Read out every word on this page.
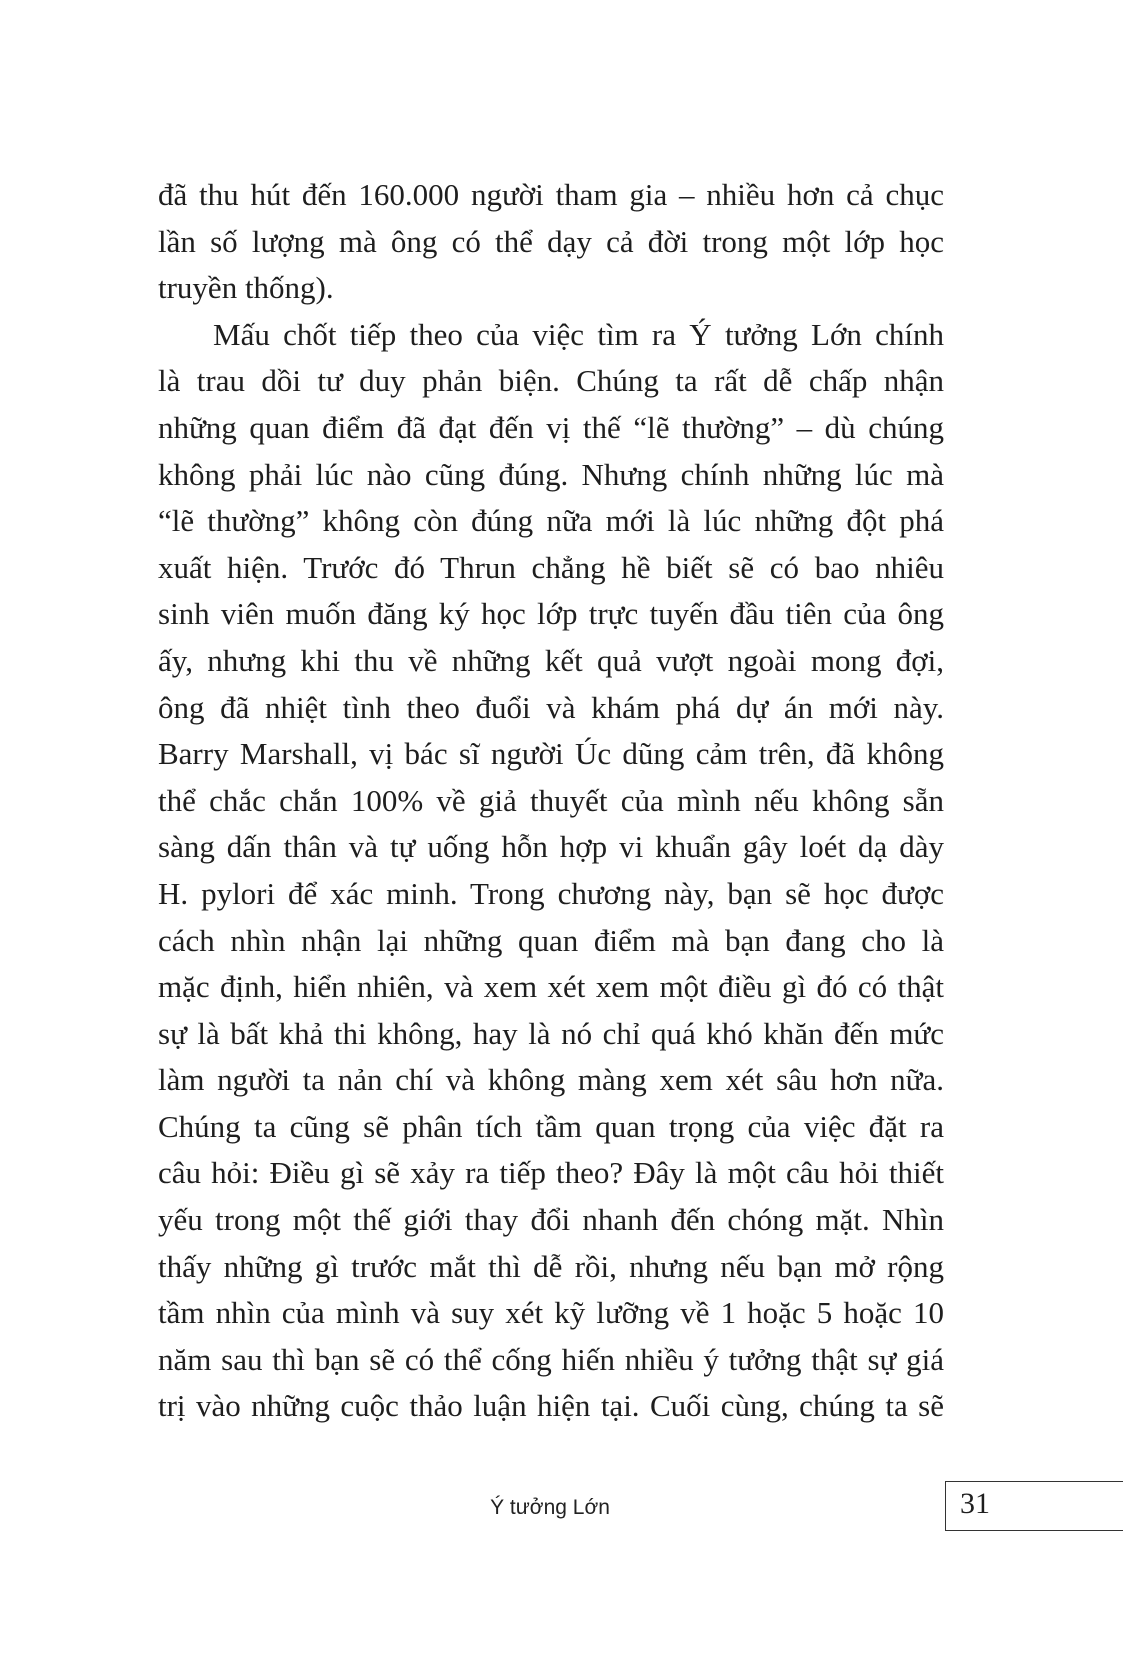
đã thu hút đến 160.000 người tham gia – nhiều hơn cả chục
lần số lượng mà ông có thể dạy cả đời trong một lớp học
truyền thống).
Mấu chốt tiếp theo của việc tìm ra Ý tưởng Lớn chính
là trau dồi tư duy phản biện. Chúng ta rất dễ chấp nhận
những quan điểm đã đạt đến vị thế “lẽ thường” – dù chúng
không phải lúc nào cũng đúng. Nhưng chính những lúc mà
“lẽ thường” không còn đúng nữa mới là lúc những đột phá
xuất hiện. Trước đó Thrun chẳng hề biết sẽ có bao nhiêu
sinh viên muốn đăng ký học lớp trực tuyến đầu tiên của ông
ấy, nhưng khi thu về những kết quả vượt ngoài mong đợi,
ông đã nhiệt tình theo đuổi và khám phá dự án mới này.
Barry Marshall, vị bác sĩ người Úc dũng cảm trên, đã không
thể chắc chắn 100% về giả thuyết của mình nếu không sẵn
sàng dấn thân và tự uống hỗn hợp vi khuẩn gây loét dạ dày
H. pylori để xác minh. Trong chương này, bạn sẽ học được
cách nhìn nhận lại những quan điểm mà bạn đang cho là
mặc định, hiển nhiên, và xem xét xem một điều gì đó có thật
sự là bất khả thi không, hay là nó chỉ quá khó khăn đến mức
làm người ta nản chí và không màng xem xét sâu hơn nữa.
Chúng ta cũng sẽ phân tích tầm quan trọng của việc đặt ra
câu hỏi: Điều gì sẽ xảy ra tiếp theo? Đây là một câu hỏi thiết
yếu trong một thế giới thay đổi nhanh đến chóng mặt. Nhìn
thấy những gì trước mắt thì dễ rồi, nhưng nếu bạn mở rộng
tầm nhìn của mình và suy xét kỹ lưỡng về 1 hoặc 5 hoặc 10
năm sau thì bạn sẽ có thể cống hiến nhiều ý tưởng thật sự giá
trị vào những cuộc thảo luận hiện tại. Cuối cùng, chúng ta sẽ
Ý tưởng Lớn	31
